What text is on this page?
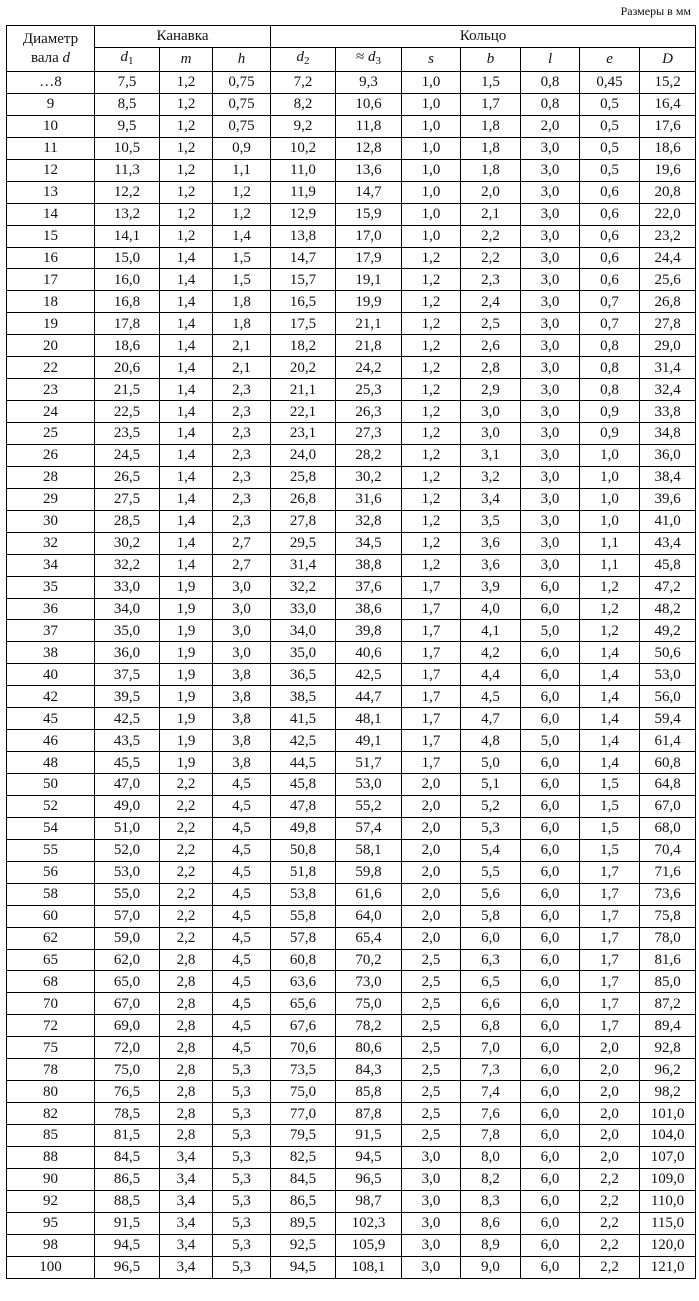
Размеры в мм
Диаметр
вала d	Канавка			Кольцо						
	$d_1$	m	h	$d_2$	≈ $d_3$	s	b	l	e	D
…8	7,5	1,2	0,75	7,2	9,3	1,0	1,5	0,8	0,45	15,2
9	8,5	1,2	0,75	8,2	10,6	1,0	1,7	0,8	0,5	16,4
10	9,5	1,2	0,75	9,2	11,8	1,0	1,8	2,0	0,5	17,6
11	10,5	1,2	0,9	10,2	12,8	1,0	1,8	3,0	0,5	18,6
12	11,3	1,2	1,1	11,0	13,6	1,0	1,8	3,0	0,5	19,6
13	12,2	1,2	1,2	11,9	14,7	1,0	2,0	3,0	0,6	20,8
14	13,2	1,2	1,2	12,9	15,9	1,0	2,1	3,0	0,6	22,0
15	14,1	1,2	1,4	13,8	17,0	1,0	2,2	3,0	0,6	23,2
16	15,0	1,4	1,5	14,7	17,9	1,2	2,2	3,0	0,6	24,4
17	16,0	1,4	1,5	15,7	19,1	1,2	2,3	3,0	0,6	25,6
18	16,8	1,4	1,8	16,5	19,9	1,2	2,4	3,0	0,7	26,8
19	17,8	1,4	1,8	17,5	21,1	1,2	2,5	3,0	0,7	27,8
20	18,6	1,4	2,1	18,2	21,8	1,2	2,6	3,0	0,8	29,0
22	20,6	1,4	2,1	20,2	24,2	1,2	2,8	3,0	0,8	31,4
23	21,5	1,4	2,3	21,1	25,3	1,2	2,9	3,0	0,8	32,4
24	22,5	1,4	2,3	22,1	26,3	1,2	3,0	3,0	0,9	33,8
25	23,5	1,4	2,3	23,1	27,3	1,2	3,0	3,0	0,9	34,8
26	24,5	1,4	2,3	24,0	28,2	1,2	3,1	3,0	1,0	36,0
28	26,5	1,4	2,3	25,8	30,2	1,2	3,2	3,0	1,0	38,4
29	27,5	1,4	2,3	26,8	31,6	1,2	3,4	3,0	1,0	39,6
30	28,5	1,4	2,3	27,8	32,8	1,2	3,5	3,0	1,0	41,0
32	30,2	1,4	2,7	29,5	34,5	1,2	3,6	3,0	1,1	43,4
34	32,2	1,4	2,7	31,4	38,8	1,2	3,6	3,0	1,1	45,8
35	33,0	1,9	3,0	32,2	37,6	1,7	3,9	6,0	1,2	47,2
36	34,0	1,9	3,0	33,0	38,6	1,7	4,0	6,0	1,2	48,2
37	35,0	1,9	3,0	34,0	39,8	1,7	4,1	5,0	1,2	49,2
38	36,0	1,9	3,0	35,0	40,6	1,7	4,2	6,0	1,4	50,6
40	37,5	1,9	3,8	36,5	42,5	1,7	4,4	6,0	1,4	53,0
42	39,5	1,9	3,8	38,5	44,7	1,7	4,5	6,0	1,4	56,0
45	42,5	1,9	3,8	41,5	48,1	1,7	4,7	6,0	1,4	59,4
46	43,5	1,9	3,8	42,5	49,1	1,7	4,8	5,0	1,4	61,4
48	45,5	1,9	3,8	44,5	51,7	1,7	5,0	6,0	1,4	60,8
50	47,0	2,2	4,5	45,8	53,0	2,0	5,1	6,0	1,5	64,8
52	49,0	2,2	4,5	47,8	55,2	2,0	5,2	6,0	1,5	67,0
54	51,0	2,2	4,5	49,8	57,4	2,0	5,3	6,0	1,5	68,0
55	52,0	2,2	4,5	50,8	58,1	2,0	5,4	6,0	1,5	70,4
56	53,0	2,2	4,5	51,8	59,8	2,0	5,5	6,0	1,7	71,6
58	55,0	2,2	4,5	53,8	61,6	2,0	5,6	6,0	1,7	73,6
60	57,0	2,2	4,5	55,8	64,0	2,0	5,8	6,0	1,7	75,8
62	59,0	2,2	4,5	57,8	65,4	2,0	6,0	6,0	1,7	78,0
65	62,0	2,8	4,5	60,8	70,2	2,5	6,3	6,0	1,7	81,6
68	65,0	2,8	4,5	63,6	73,0	2,5	6,5	6,0	1,7	85,0
70	67,0	2,8	4,5	65,6	75,0	2,5	6,6	6,0	1,7	87,2
72	69,0	2,8	4,5	67,6	78,2	2,5	6,8	6,0	1,7	89,4
75	72,0	2,8	4,5	70,6	80,6	2,5	7,0	6,0	2,0	92,8
78	75,0	2,8	5,3	73,5	84,3	2,5	7,3	6,0	2,0	96,2
80	76,5	2,8	5,3	75,0	85,8	2,5	7,4	6,0	2,0	98,2
82	78,5	2,8	5,3	77,0	87,8	2,5	7,6	6,0	2,0	101,0
85	81,5	2,8	5,3	79,5	91,5	2,5	7,8	6,0	2,0	104,0
88	84,5	3,4	5,3	82,5	94,5	3,0	8,0	6,0	2,0	107,0
90	86,5	3,4	5,3	84,5	96,5	3,0	8,2	6,0	2,2	109,0
92	88,5	3,4	5,3	86,5	98,7	3,0	8,3	6,0	2,2	110,0
95	91,5	3,4	5,3	89,5	102,3	3,0	8,6	6,0	2,2	115,0
98	94,5	3,4	5,3	92,5	105,9	3,0	8,9	6,0	2,2	120,0
100	96,5	3,4	5,3	94,5	108,1	3,0	9,0	6,0	2,2	121,0
